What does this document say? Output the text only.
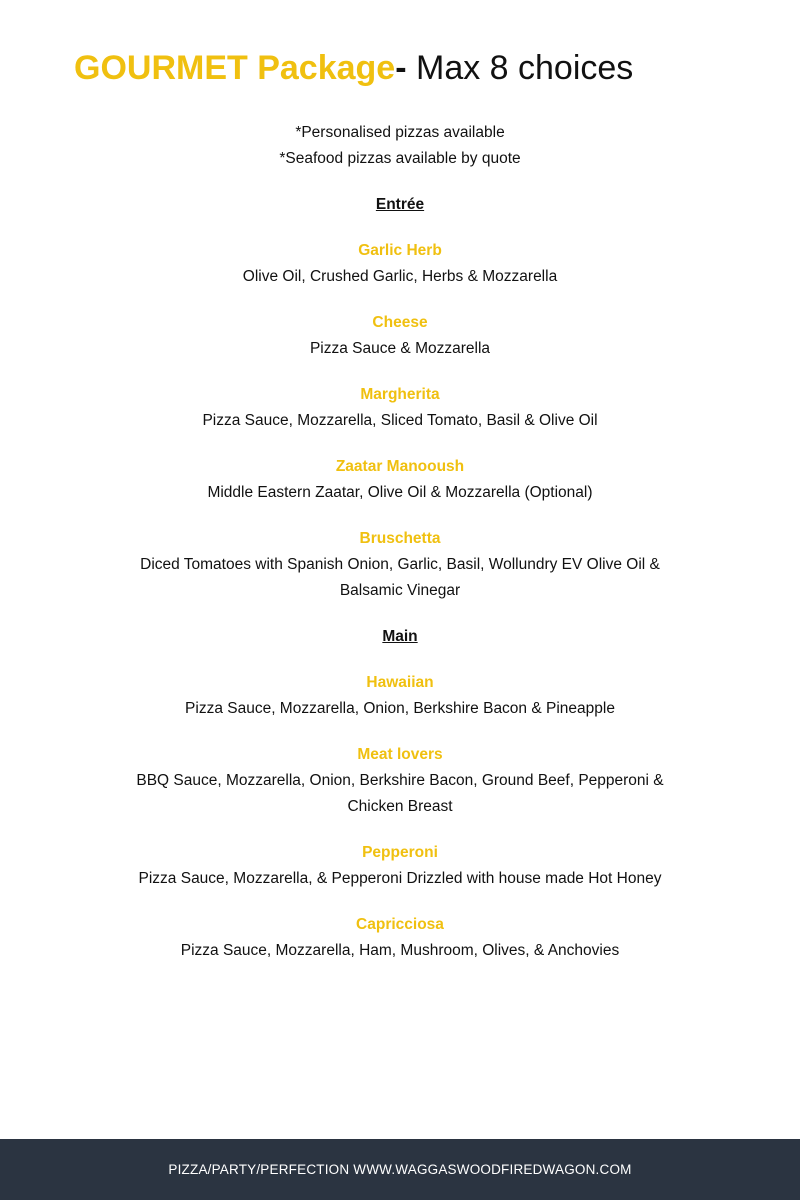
GOURMET Package- Max 8 choices
*Personalised pizzas available
*Seafood pizzas available by quote
Entrée
Garlic Herb
Olive Oil, Crushed Garlic, Herbs & Mozzarella
Cheese
Pizza Sauce & Mozzarella
Margherita
Pizza Sauce, Mozzarella, Sliced Tomato, Basil & Olive Oil
Zaatar Manooush
Middle Eastern Zaatar, Olive Oil & Mozzarella (Optional)
Bruschetta
Diced Tomatoes with Spanish Onion, Garlic, Basil, Wollundry EV Olive Oil & Balsamic Vinegar
Main
Hawaiian
Pizza Sauce, Mozzarella, Onion, Berkshire Bacon & Pineapple
Meat lovers
BBQ Sauce, Mozzarella, Onion, Berkshire Bacon, Ground Beef, Pepperoni & Chicken Breast
Pepperoni
Pizza Sauce, Mozzarella, & Pepperoni Drizzled with house made Hot Honey
Capricciosa
Pizza Sauce, Mozzarella, Ham, Mushroom, Olives, & Anchovies
PIZZA/PARTY/PERFECTION WWW.WAGGASWOODFIREDWAGON.COM
